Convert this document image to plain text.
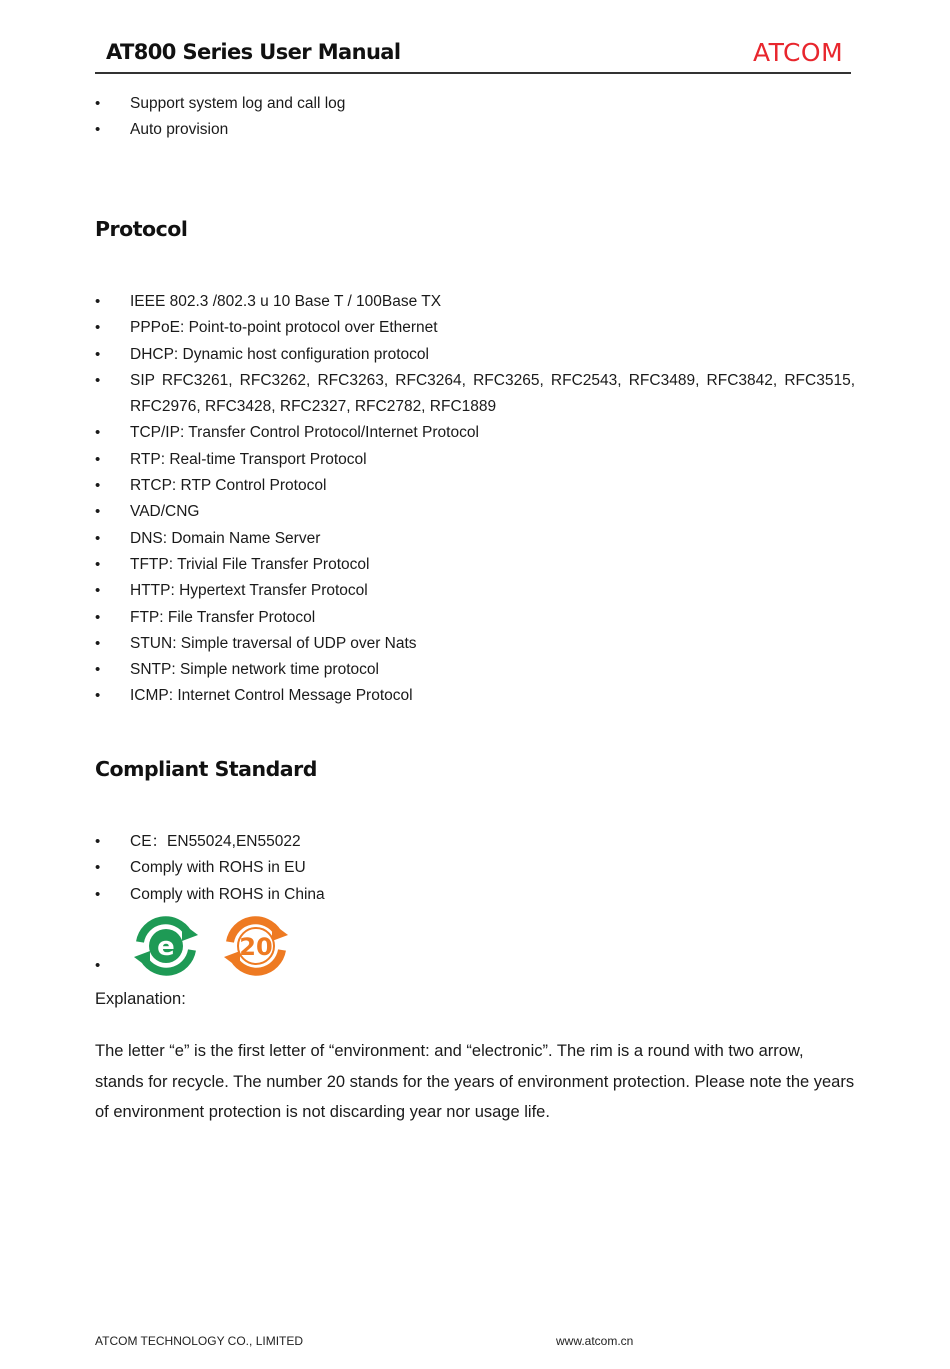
AT800 Series User Manual	ATCOM
• Support system log and call log
• Auto provision
Protocol
• IEEE 802.3 /802.3 u 10 Base T / 100Base TX
• PPPoE: Point-to-point protocol over Ethernet
• DHCP: Dynamic host configuration protocol
• SIP RFC3261, RFC3262, RFC3263, RFC3264, RFC3265, RFC2543, RFC3489, RFC3842, RFC3515, RFC2976, RFC3428, RFC2327, RFC2782, RFC1889
• TCP/IP: Transfer Control Protocol/Internet Protocol
• RTP: Real-time Transport Protocol
• RTCP: RTP Control Protocol
• VAD/CNG
• DNS: Domain Name Server
• TFTP: Trivial File Transfer Protocol
• HTTP: Hypertext Transfer Protocol
• FTP: File Transfer Protocol
• STUN: Simple traversal of UDP over Nats
• SNTP: Simple network time protocol
• ICMP: Internet Control Message Protocol
Compliant Standard
• CE：EN55024,EN55022
• Comply with ROHS in EU
• Comply with ROHS in China
•
e	20
Explanation:

The letter “e” is the first letter of “environment: and “electronic”. The rim is a round with two arrow, stands for recycle. The number 20 stands for the years of environment protection. Please note the years of environment protection is not discarding year nor usage life.

ATCOM TECHNOLOGY CO., LIMITED	www.atcom.cn
